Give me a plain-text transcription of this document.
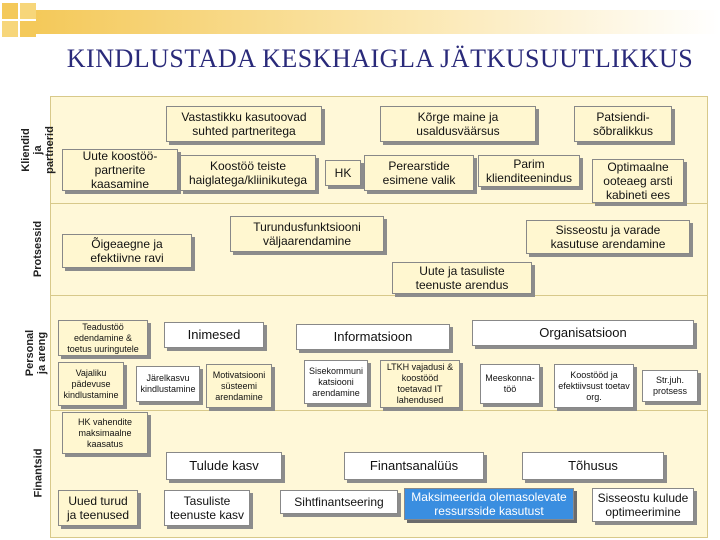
KINDLUSTADA KESKHAIGLA JÄTKUSUUTLIKKUS
Kliendid ja partnerid
Protsessid
Personal ja areng
Finantsid
Vastastikku kasutoovad suhted partneritega
Kõrge maine ja usaldusväärsus
Patsiendi-sõbralikkus
Uute koostöö-partnerite kaasamine
Koostöö teiste haiglatega/kliinikutega	HK	Perearstide esimene valik
Parim klienditeenindus
Optimaalne ooteaeg arsti kabineti ees
Õigeaegne ja efektiivne ravi
Turundusfunktsiooni väljaarendamine
Sisseostu ja varade kasutuse arendamine
Uute ja tasuliste teenuste arendus
Teadustöö edendamine & toetus uuringutele
Inimesed	Informatsioon	Organisatsioon
Vajaliku pädevuse kindlustamine
Järelkasvu kindlustamine
Motivatsiooni süsteemi arendamine
Sisekommuni katsiooni arendamine
LTKH vajadusi & koostööd toetavad IT lahendused
Meeskonna-töö
Koostööd ja efektiivsust toetav org.
Str.juh. protsess
HK vahendite maksimaalne kaasatus
Tulude kasv	Finantsanalüüs	Tõhusus
Uued turud ja teenused
Tasuliste teenuste kasv
Sihtfinantseering	Maksimeerida olemasolevate ressursside kasutust
Sisseostu kulude optimeerimine
